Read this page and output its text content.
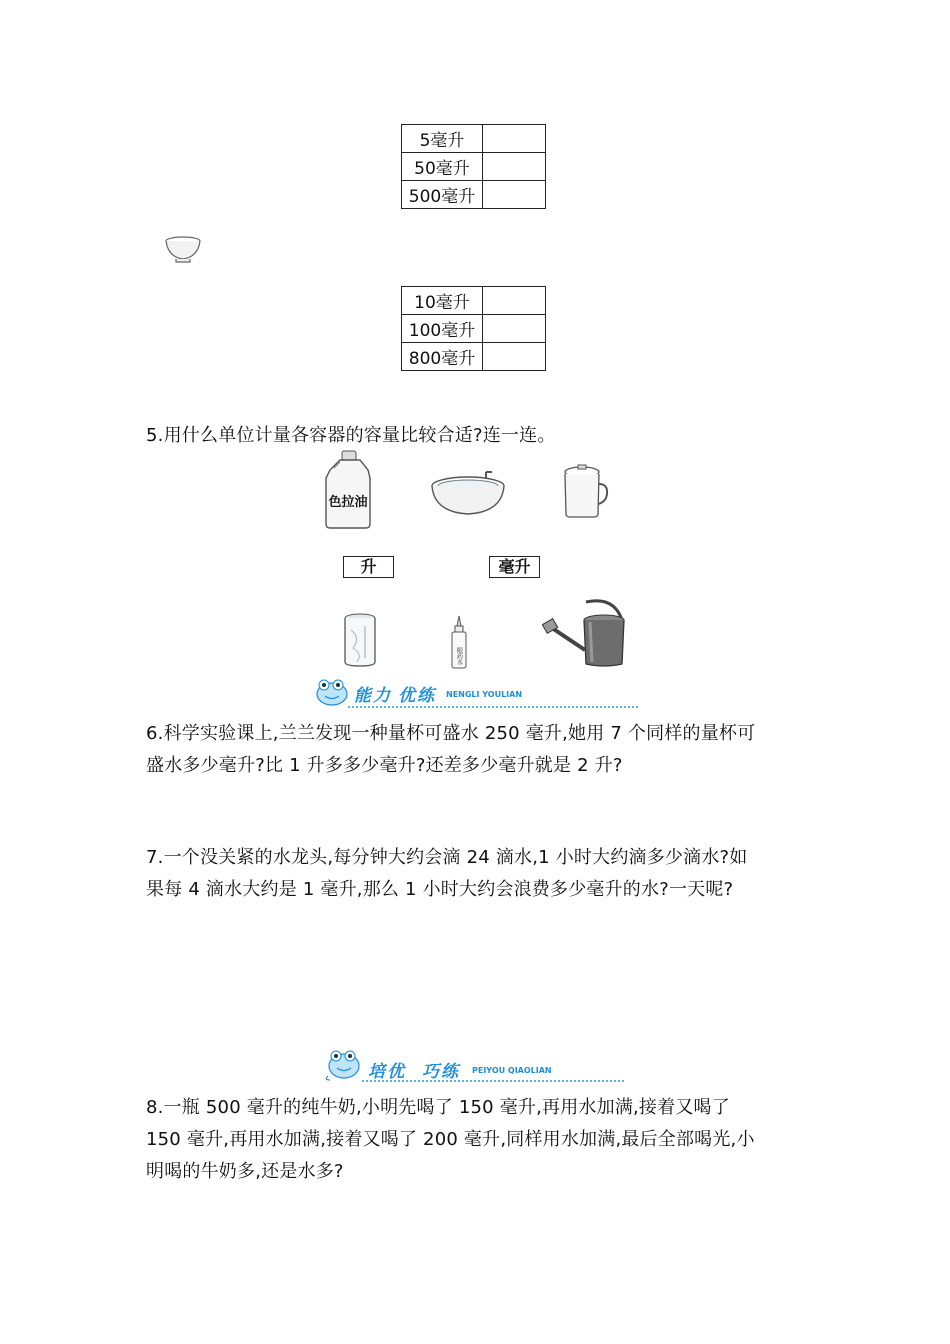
5毫升	
50毫升	
500毫升	
10毫升	
100毫升	
800毫升	
5.用什么单位计量各容器的容量比较合适?连一连。
色拉油
升	毫升
眼药水
能力 优练 NENGLI YOULIAN
6.科学实验课上,兰兰发现一种量杯可盛水 250 毫升,她用 7 个同样的量杯可
盛水多少毫升?比 1 升多多少毫升?还差多少毫升就是 2 升?
7.一个没关紧的水龙头,每分钟大约会滴 24 滴水,1 小时大约滴多少滴水?如
果每 4 滴水大约是 1 毫升,那么 1 小时大约会浪费多少毫升的水?一天呢?
培优 巧练 PEIYOU QIAOLIAN
8.一瓶 500 毫升的纯牛奶,小明先喝了 150 毫升,再用水加满,接着又喝了
150 毫升,再用水加满,接着又喝了 200 毫升,同样用水加满,最后全部喝光,小
明喝的牛奶多,还是水多?
